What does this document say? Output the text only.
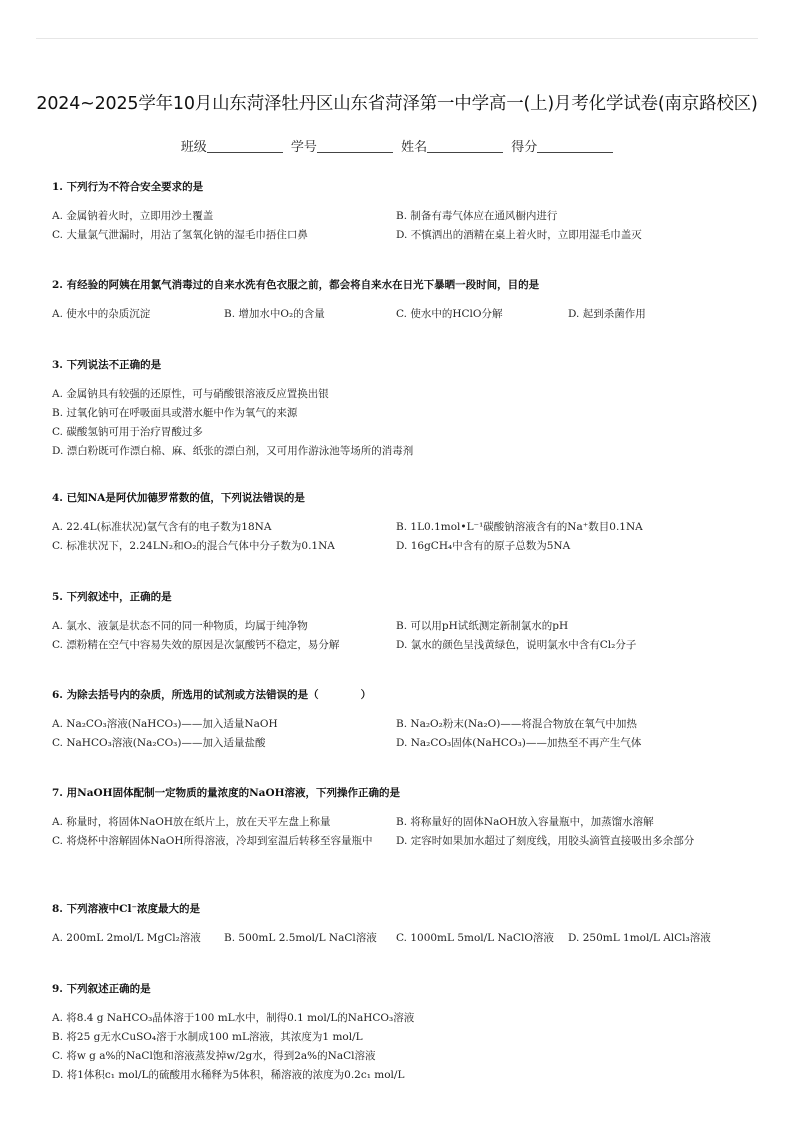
2024~2025学年10月山东菏泽牡丹区山东省菏泽第一中学高一(上)月考化学试卷(南京路校区)
班级	学号	姓名	得分
1. 下列行为不符合安全要求的是
A. 金属钠着火时，立即用沙土覆盖	B. 制备有毒气体应在通风橱内进行
C. 大量氯气泄漏时，用沾了氢氧化钠的湿毛巾捂住口鼻	D. 不慎洒出的酒精在桌上着火时，立即用湿毛巾盖灭
2. 有经验的阿姨在用氯气消毒过的自来水洗有色衣服之前，都会将自来水在日光下暴晒一段时间，目的是
A. 使水中的杂质沉淀	B. 增加水中O₂的含量	C. 使水中的HClO分解	D. 起到杀菌作用
3. 下列说法不正确的是
A. 金属钠具有较强的还原性，可与硝酸银溶液反应置换出银
B. 过氧化钠可在呼吸面具或潜水艇中作为氧气的来源
C. 碳酸氢钠可用于治疗胃酸过多
D. 漂白粉既可作漂白棉、麻、纸张的漂白剂，又可用作游泳池等场所的消毒剂
4. 已知NA是阿伏加德罗常数的值，下列说法错误的是
A. 22.4L(标准状况)氩气含有的电子数为18NA	B. 1L0.1mol•L⁻¹碳酸钠溶液含有的Na⁺数目0.1NA
C. 标准状况下，2.24LN₂和O₂的混合气体中分子数为0.1NA	D. 16gCH₄中含有的原子总数为5NA
5. 下列叙述中，正确的是
A. 氯水、液氯是状态不同的同一种物质，均属于纯净物	B. 可以用pH试纸测定新制氯水的pH
C. 漂粉精在空气中容易失效的原因是次氯酸钙不稳定，易分解	D. 氯水的颜色呈浅黄绿色，说明氯水中含有Cl₂分子
6. 为除去括号内的杂质，所选用的试剂或方法错误的是（　　　　）
A. Na₂CO₃溶液(NaHCO₃)——加入适量NaOH	B. Na₂O₂粉末(Na₂O)——将混合物放在氧气中加热
C. NaHCO₃溶液(Na₂CO₃)——加入适量盐酸	D. Na₂CO₃固体(NaHCO₃)——加热至不再产生气体
7. 用NaOH固体配制一定物质的量浓度的NaOH溶液，下列操作正确的是
A. 称量时，将固体NaOH放在纸片上，放在天平左盘上称量	B. 将称量好的固体NaOH放入容量瓶中，加蒸馏水溶解
C. 将烧杯中溶解固体NaOH所得溶液，冷却到室温后转移至容量瓶中	D. 定容时如果加水超过了刻度线，用胶头滴管直接吸出多余部分
8. 下列溶液中Cl⁻浓度最大的是
A. 200mL 2mol/L MgCl₂溶液 B. 500mL 2.5mol/L NaCl溶液 C. 1000mL 5mol/L NaClO溶液 D. 250mL 1mol/L AlCl₃溶液
9. 下列叙述正确的是
A. 将8.4 g NaHCO₃晶体溶于100 mL水中，制得0.1 mol/L的NaHCO₃溶液
B. 将25 g无水CuSO₄溶于水制成100 mL溶液，其浓度为1 mol/L
C. 将w g a%的NaCl饱和溶液蒸发掉w/2g水，得到2a%的NaCl溶液
D. 将1体积c₁ mol/L的硫酸用水稀释为5体积，稀溶液的浓度为0.2c₁ mol/L
